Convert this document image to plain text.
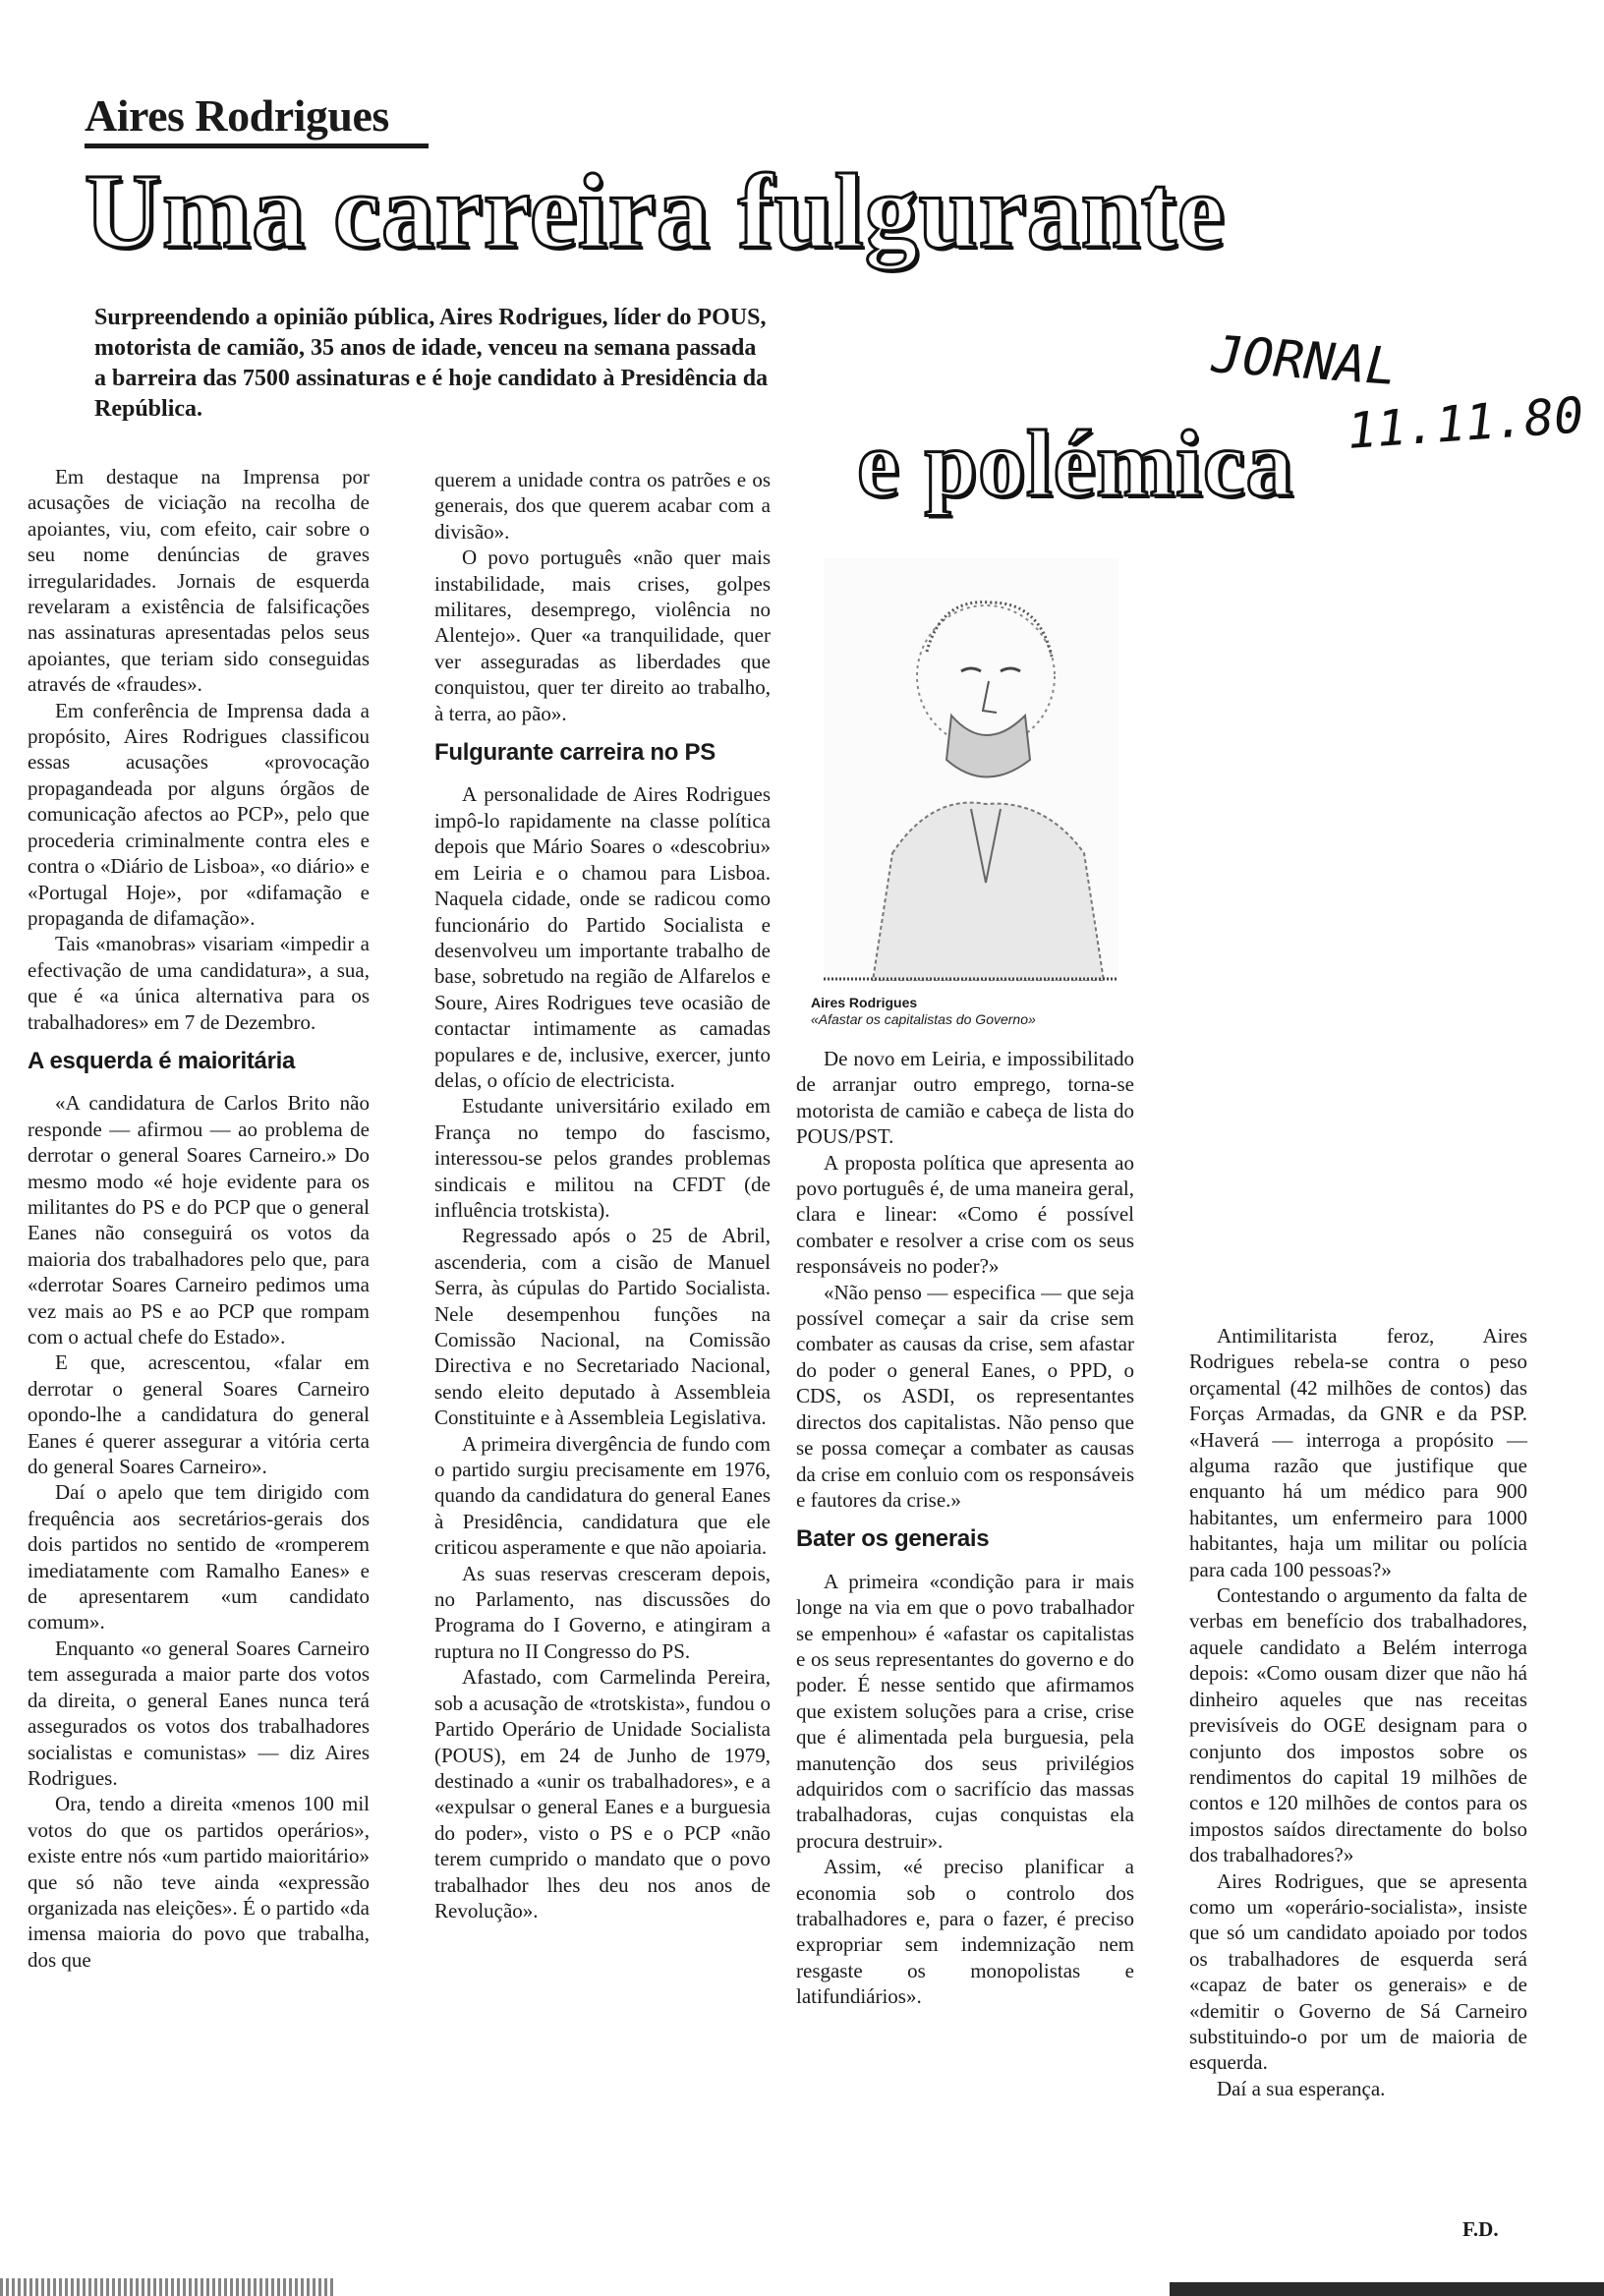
Aires Rodrigues
Uma carreira fulgurante

Surpreendendo a opinião pública, Aires Rodrigues, líder do POUS, motorista de camião, 35 anos de idade, venceu na semana passada a barreira das 7500 assinaturas e é hoje candidato à Presidência da República.

JORNAL
11.11.80
e polémica
Aires Rodrigues
«Afastar os capitalistas do Governo»

Em destaque na Imprensa por acusações de viciação na recolha de apoiantes, viu, com efeito, cair sobre o seu nome denúncias de graves irregularidades. Jornais de esquerda revelaram a existência de falsificações nas assinaturas apresentadas pelos seus apoiantes, que teriam sido conseguidas através de «fraudes».

Em conferência de Imprensa dada a propósito, Aires Rodrigues classificou essas acusações «provocação propagandeada por alguns órgãos de comunicação afectos ao PCP», pelo que procederia criminalmente contra eles e contra o «Diário de Lisboa», «o diário» e «Portugal Hoje», por «difamação e propaganda de difamação».

Tais «manobras» visariam «impedir a efectivação de uma candidatura», a sua, que é «a única alternativa para os trabalhadores» em 7 de Dezembro.

A esquerda é maioritária

«A candidatura de Carlos Brito não responde — afirmou — ao problema de derrotar o general Soares Carneiro.» Do mesmo modo «é hoje evidente para os militantes do PS e do PCP que o general Eanes não conseguirá os votos da maioria dos trabalhadores pelo que, para «derrotar Soares Carneiro pedimos uma vez mais ao PS e ao PCP que rompam com o actual chefe do Estado».

E que, acrescentou, «falar em derrotar o general Soares Carneiro opondo-lhe a candidatura do general Eanes é querer assegurar a vitória certa do general Soares Carneiro».

Daí o apelo que tem dirigido com frequência aos secretários-gerais dos dois partidos no sentido de «romperem imediatamente com Ramalho Eanes» e de apresentarem «um candidato comum».

Enquanto «o general Soares Carneiro tem assegurada a maior parte dos votos da direita, o general Eanes nunca terá assegurados os votos dos trabalhadores socialistas e comunistas» — diz Aires Rodrigues.

Ora, tendo a direita «menos 100 mil votos do que os partidos operários», existe entre nós «um partido maioritário» que só não teve ainda «expressão organizada nas eleições». É o partido «da imensa maioria do povo que trabalha, dos que

querem a unidade contra os patrões e os generais, dos que querem acabar com a divisão».

O povo português «não quer mais instabilidade, mais crises, golpes militares, desemprego, violência no Alentejo». Quer «a tranquilidade, quer ver asseguradas as liberdades que conquistou, quer ter direito ao trabalho, à terra, ao pão».

Fulgurante carreira no PS

A personalidade de Aires Rodrigues impô-lo rapidamente na classe política depois que Mário Soares o «descobriu» em Leiria e o chamou para Lisboa. Naquela cidade, onde se radicou como funcionário do Partido Socialista e desenvolveu um importante trabalho de base, sobretudo na região de Alfarelos e Soure, Aires Rodrigues teve ocasião de contactar intimamente as camadas populares e de, inclusive, exercer, junto delas, o ofício de electricista.

Estudante universitário exilado em França no tempo do fascismo, interessou-se pelos grandes problemas sindicais e militou na CFDT (de influência trotskista).

Regressado após o 25 de Abril, ascenderia, com a cisão de Manuel Serra, às cúpulas do Partido Socialista. Nele desempenhou funções na Comissão Nacional, na Comissão Directiva e no Secretariado Nacional, sendo eleito deputado à Assembleia Constituinte e à Assembleia Legislativa.

A primeira divergência de fundo com o partido surgiu precisamente em 1976, quando da candidatura do general Eanes à Presidência, candidatura que ele criticou asperamente e que não apoiaria.

As suas reservas cresceram depois, no Parlamento, nas discussões do Programa do I Governo, e atingiram a ruptura no II Congresso do PS.

Afastado, com Carmelinda Pereira, sob a acusação de «trotskista», fundou o Partido Operário de Unidade Socialista (POUS), em 24 de Junho de 1979, destinado a «unir os trabalhadores», e a «expulsar o general Eanes e a burguesia do poder», visto o PS e o PCP «não terem cumprido o mandato que o povo trabalhador lhes deu nos anos de Revolução».

De novo em Leiria, e impossibilitado de arranjar outro emprego, torna-se motorista de camião e cabeça de lista do POUS/PST.

A proposta política que apresenta ao povo português é, de uma maneira geral, clara e linear: «Como é possível combater e resolver a crise com os seus responsáveis no poder?»

«Não penso — especifica — que seja possível começar a sair da crise sem combater as causas da crise, sem afastar do poder o general Eanes, o PPD, o CDS, os ASDI, os representantes directos dos capitalistas. Não penso que se possa começar a combater as causas da crise em conluio com os responsáveis e fautores da crise.»

Bater os generais

A primeira «condição para ir mais longe na via em que o povo trabalhador se empenhou» é «afastar os capitalistas e os seus representantes do governo e do poder. É nesse sentido que afirmamos que existem soluções para a crise, crise que é alimentada pela burguesia, pela manutenção dos seus privilégios adquiridos com o sacrifício das massas trabalhadoras, cujas conquistas ela procura destruir».

Assim, «é preciso planificar a economia sob o controlo dos trabalhadores e, para o fazer, é preciso expropriar sem indemnização nem resgaste os monopolistas e latifundiários».

Antimilitarista feroz, Aires Rodrigues rebela-se contra o peso orçamental (42 milhões de contos) das Forças Armadas, da GNR e da PSP. «Haverá — interroga a propósito — alguma razão que justifique que enquanto há um médico para 900 habitantes, um enfermeiro para 1000 habitantes, haja um militar ou polícia para cada 100 pessoas?»

Contestando o argumento da falta de verbas em benefício dos trabalhadores, aquele candidato a Belém interroga depois: «Como ousam dizer que não há dinheiro aqueles que nas receitas previsíveis do OGE designam para o conjunto dos impostos sobre os rendimentos do capital 19 milhões de contos e 120 milhões de contos para os impostos saídos directamente do bolso dos trabalhadores?»

Aires Rodrigues, que se apresenta como um «operário-socialista», insiste que só um candidato apoiado por todos os trabalhadores de esquerda será «capaz de bater os generais» e de «demitir o Governo de Sá Carneiro substituindo-o por um de maioria de esquerda.

Daí a sua esperança.

F.D.
